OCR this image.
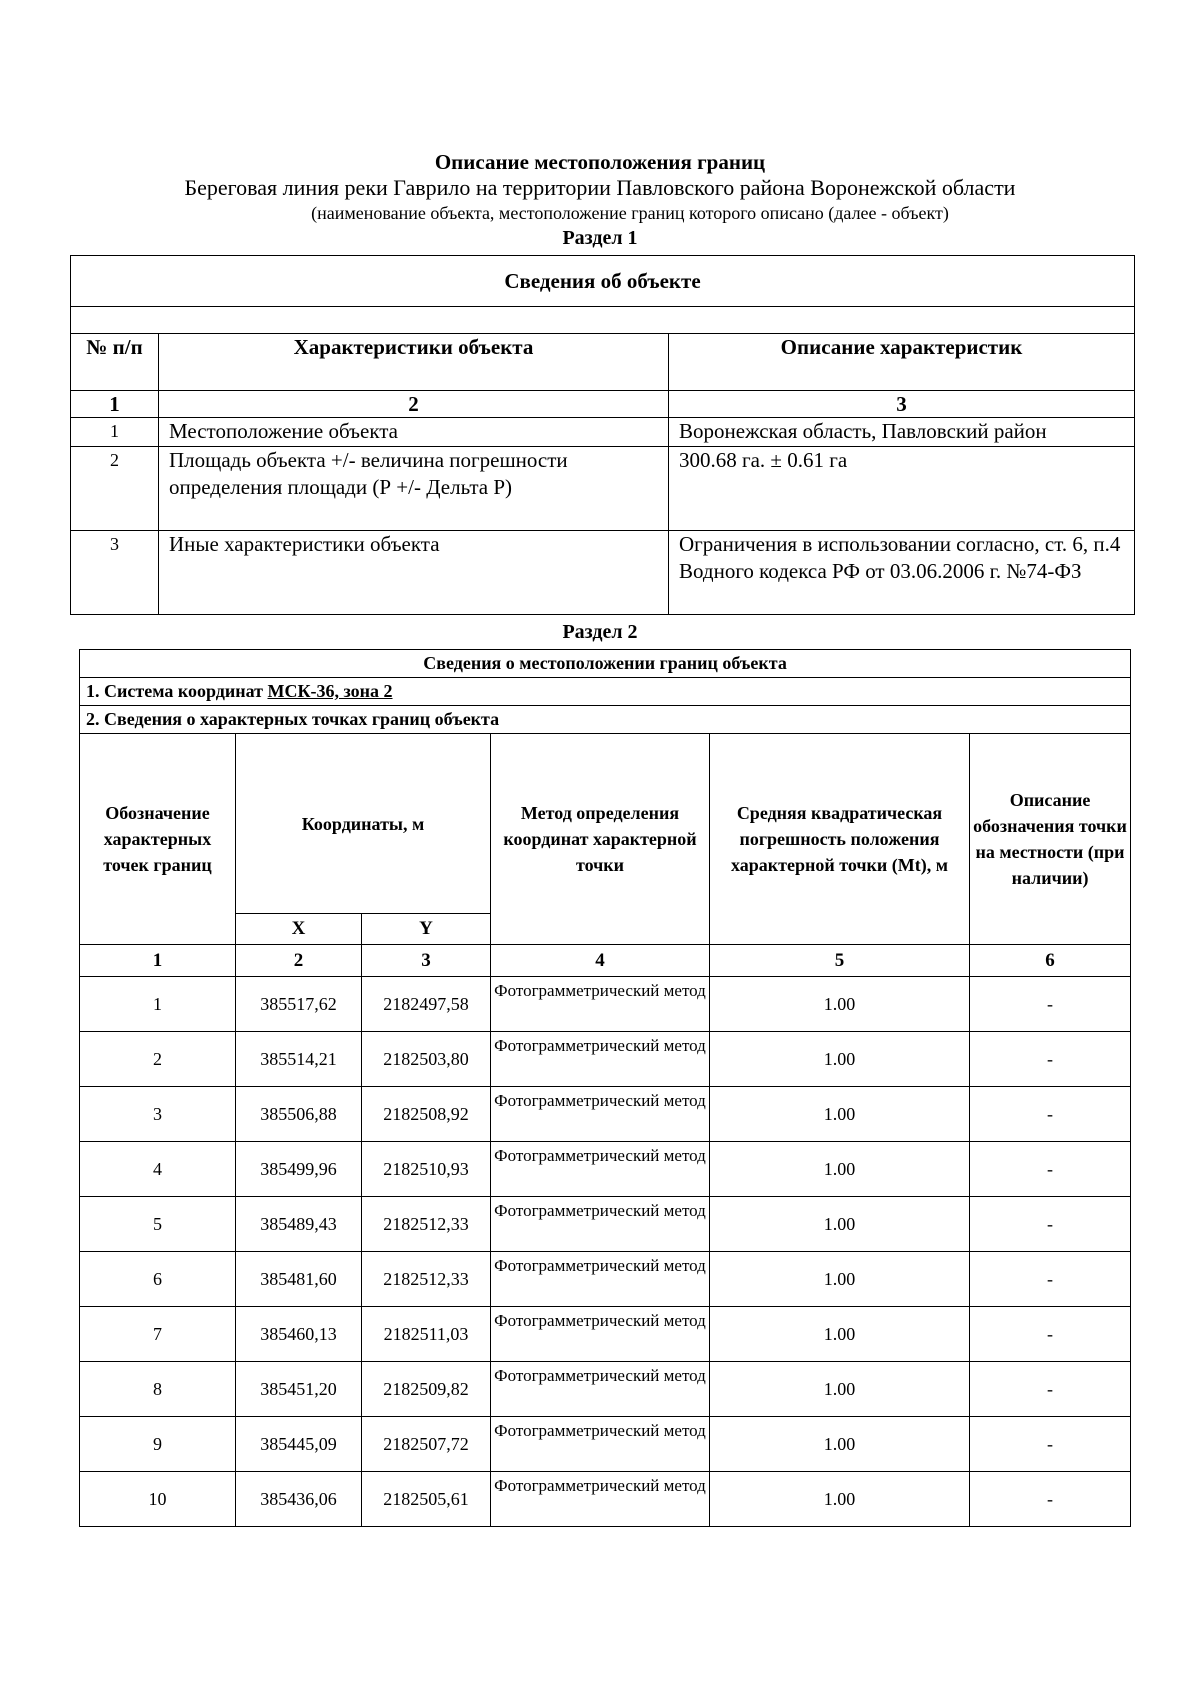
Описание местоположения границ
Береговая линия реки Гаврило на территории Павловского района Воронежской области
(наименование объекта, местоположение границ которого описано (далее - объект)
Раздел 1
Сведения об объекте		

№ п/п	Характеристики объекта	Описание характеристик
1	2	3
1	Местоположение объекта	Воронежская область, Павловский район
2	Площадь объекта +/- величина погрешности определения площади (Р +/- Дельта Р)	300.68 га. ± 0.61 га
3	Иные характеристики объекта	Ограничения в использовании согласно, ст. 6, п.4 Водного кодекса РФ от 03.06.2006 г. №74-ФЗ
Раздел 2
Сведения о местоположении границ объекта					
1. Система координат МСК-36, зона 2					
2. Сведения о характерных точках границ объекта					
Обозначение характерных точек границ	Координаты, м		Метод определения координат характерной точки	Средняя квадратическая погрешность положения характерной точки (Mt), м	Описание обозначения точки на местности (при наличии)
	X	Y			
1	2	3	4	5	6
1	385517,62	2182497,58	Фотограмметрический метод	1.00	-
2	385514,21	2182503,80	Фотограмметрический метод	1.00	-
3	385506,88	2182508,92	Фотограмметрический метод	1.00	-
4	385499,96	2182510,93	Фотограмметрический метод	1.00	-
5	385489,43	2182512,33	Фотограмметрический метод	1.00	-
6	385481,60	2182512,33	Фотограмметрический метод	1.00	-
7	385460,13	2182511,03	Фотограмметрический метод	1.00	-
8	385451,20	2182509,82	Фотограмметрический метод	1.00	-
9	385445,09	2182507,72	Фотограмметрический метод	1.00	-
10	385436,06	2182505,61	Фотограмметрический метод	1.00	-
